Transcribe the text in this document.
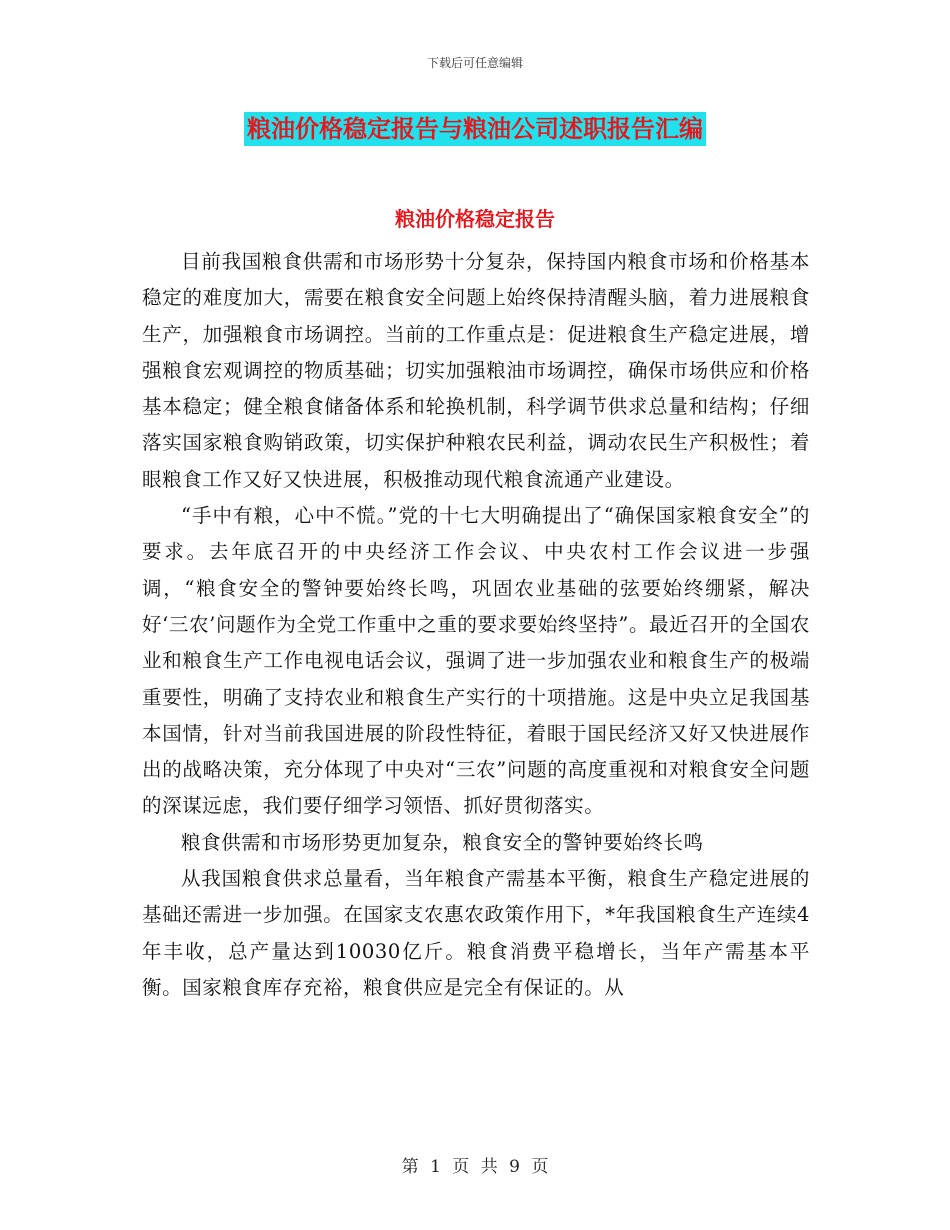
下载后可任意编辑
粮油价格稳定报告与粮油公司述职报告汇编
粮油价格稳定报告

目前我国粮食供需和市场形势十分复杂，保持国内粮食市场和价格基本稳定的难度加大，需要在粮食安全问题上始终保持清醒头脑，着力进展粮食生产，加强粮食市场调控。当前的工作重点是：促进粮食生产稳定进展，增强粮食宏观调控的物质基础；切实加强粮油市场调控，确保市场供应和价格基本稳定；健全粮食储备体系和轮换机制，科学调节供求总量和结构；仔细落实国家粮食购销政策，切实保护种粮农民利益，调动农民生产积极性；着眼粮食工作又好又快进展，积极推动现代粮食流通产业建设。

“手中有粮，心中不慌。”党的十七大明确提出了“确保国家粮食安全”的要求。去年底召开的中央经济工作会议、中央农村工作会议进一步强调，“粮食安全的警钟要始终长鸣，巩固农业基础的弦要始终绷紧，解决好‘三农’问题作为全党工作重中之重的要求要始终坚持”。最近召开的全国农业和粮食生产工作电视电话会议，强调了进一步加强农业和粮食生产的极端重要性，明确了支持农业和粮食生产实行的十项措施。这是中央立足我国基本国情，针对当前我国进展的阶段性特征，着眼于国民经济又好又快进展作出的战略决策，充分体现了中央对“三农”问题的高度重视和对粮食安全问题的深谋远虑，我们要仔细学习领悟、抓好贯彻落实。

粮食供需和市场形势更加复杂，粮食安全的警钟要始终长鸣

从我国粮食供求总量看，当年粮食产需基本平衡，粮食生产稳定进展的基础还需进一步加强。在国家支农惠农政策作用下，*年我国粮食生产连续4年丰收，总产量达到10030亿斤。粮食消费平稳增长，当年产需基本平衡。国家粮食库存充裕，粮食供应是完全有保证的。从

第 1 页 共 9 页
